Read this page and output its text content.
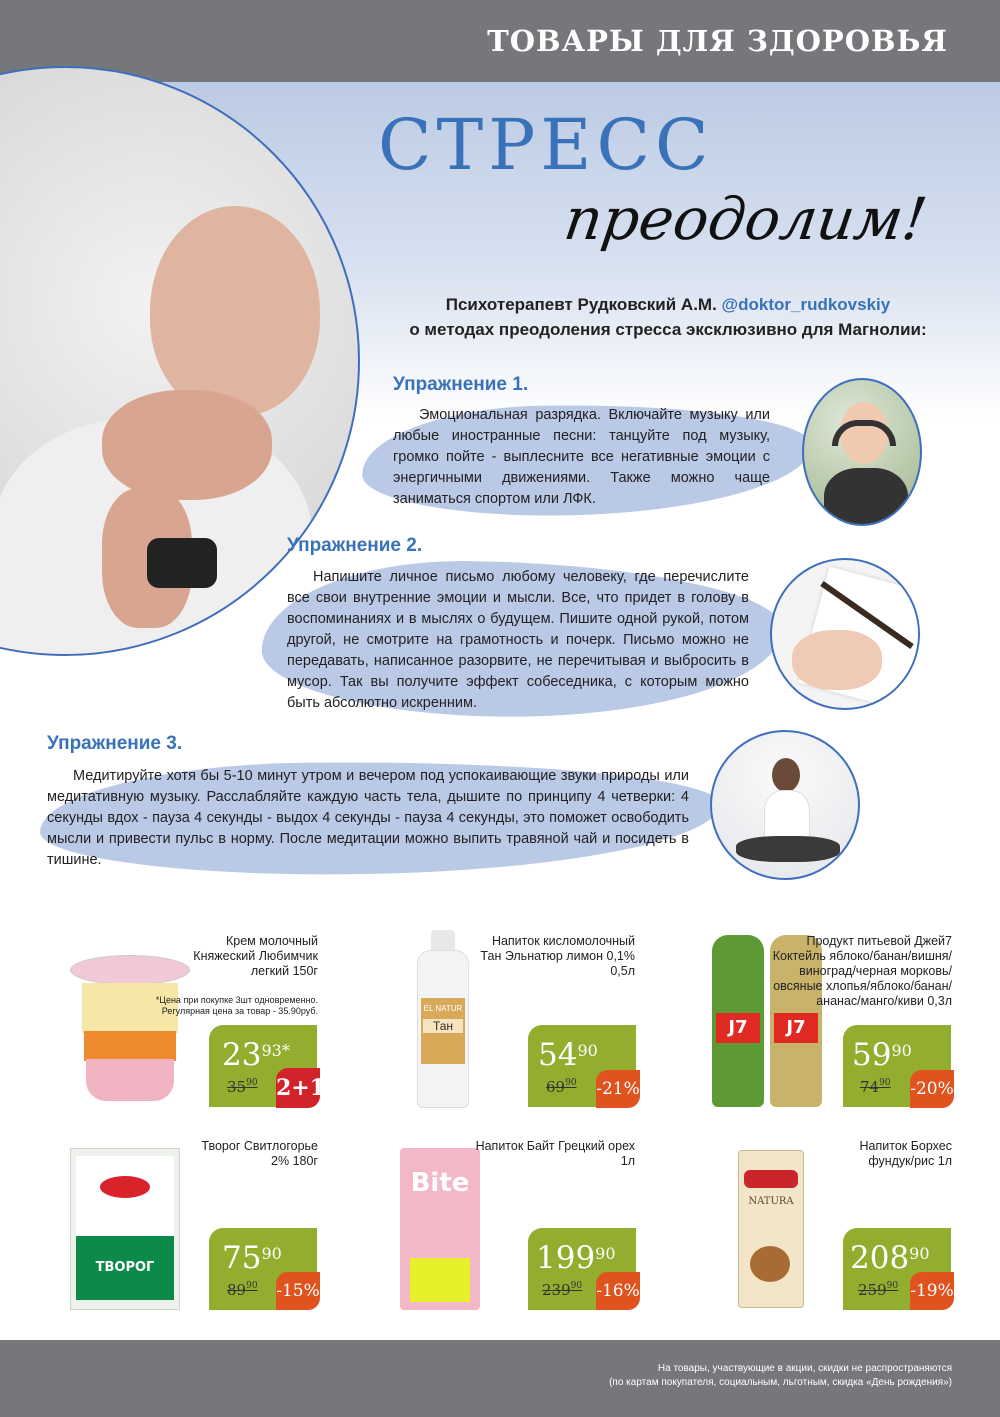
ТОВАРЫ ДЛЯ ЗДОРОВЬЯ
СТРЕСС
преодолим!
Психотерапевт Рудковский А.М. @doktor_rudkovskiy
о методах преодоления стресса эксклюзивно для Магнолии:
Упражнение 1.
Эмоциональная разрядка. Включайте музыку или любые иностранные песни: танцуйте под музыку, громко пойте - выплесните все негативные эмоции с энергичными движениями. Также можно чаще заниматься спортом или ЛФК.
Упражнение 2.
Напишите личное письмо любому человеку, где перечислите все свои внутренние эмоции и мысли. Все, что придет в голову в воспоминаниях и в мыслях о будущем. Пишите одной рукой, потом другой, не смотрите на грамотность и почерк. Письмо можно не передавать, написанное разорвите, не перечитывая и выбросить в мусор. Так вы получите эффект собеседника, с которым можно быть абсолютно искренним.
Упражнение 3.
Медитируйте хотя бы 5-10 минут утром и вечером под успокаивающие звуки природы или медитативную музыку. Расслабляйте каждую часть тела, дышите по принципу 4 четверки: 4 секунды вдох - пауза 4 секунды - выдох 4 секунды - пауза 4 секунды, это поможет освободить мысли и привести пульс в норму. После медитации можно выпить травяной чай и посидеть в тишине.
Крем молочный Княжеский Любимчик легкий 150г
*Цена при покупке 3шт одновременно. Регулярная цена за товар - 35.90руб.
$23^{93*}$
$35^{90}$ 2+1
EL NATUR
Тан
Напиток кисломолочный Тан Эльнатюр лимон 0,1% 0,5л
$54^{90}$
$69^{90}$ -21%
J7	J7
Продукт питьевой Джей7 Коктейль яблоко/банан/вишня/виноград/черная морковь/овсяные хлопья/яблоко/банан/ананас/манго/киви 0,3л
$59^{90}$
$74^{90}$ -20%
ТВОРОГ
Творог Свитлогорье 2% 180г
$75^{90}$
$89^{90}$ -15%
Bite
Напиток Байт Грецкий орех 1л
$199^{90}$
$239^{90}$ -16%
NATURA
Напиток Борхес фундук/рис 1л
$208^{90}$
$259^{90}$ -19%
На товары, участвующие в акции, скидки не распространяются
(по картам покупателя, социальным, льготным, скидка «День рождения»)
